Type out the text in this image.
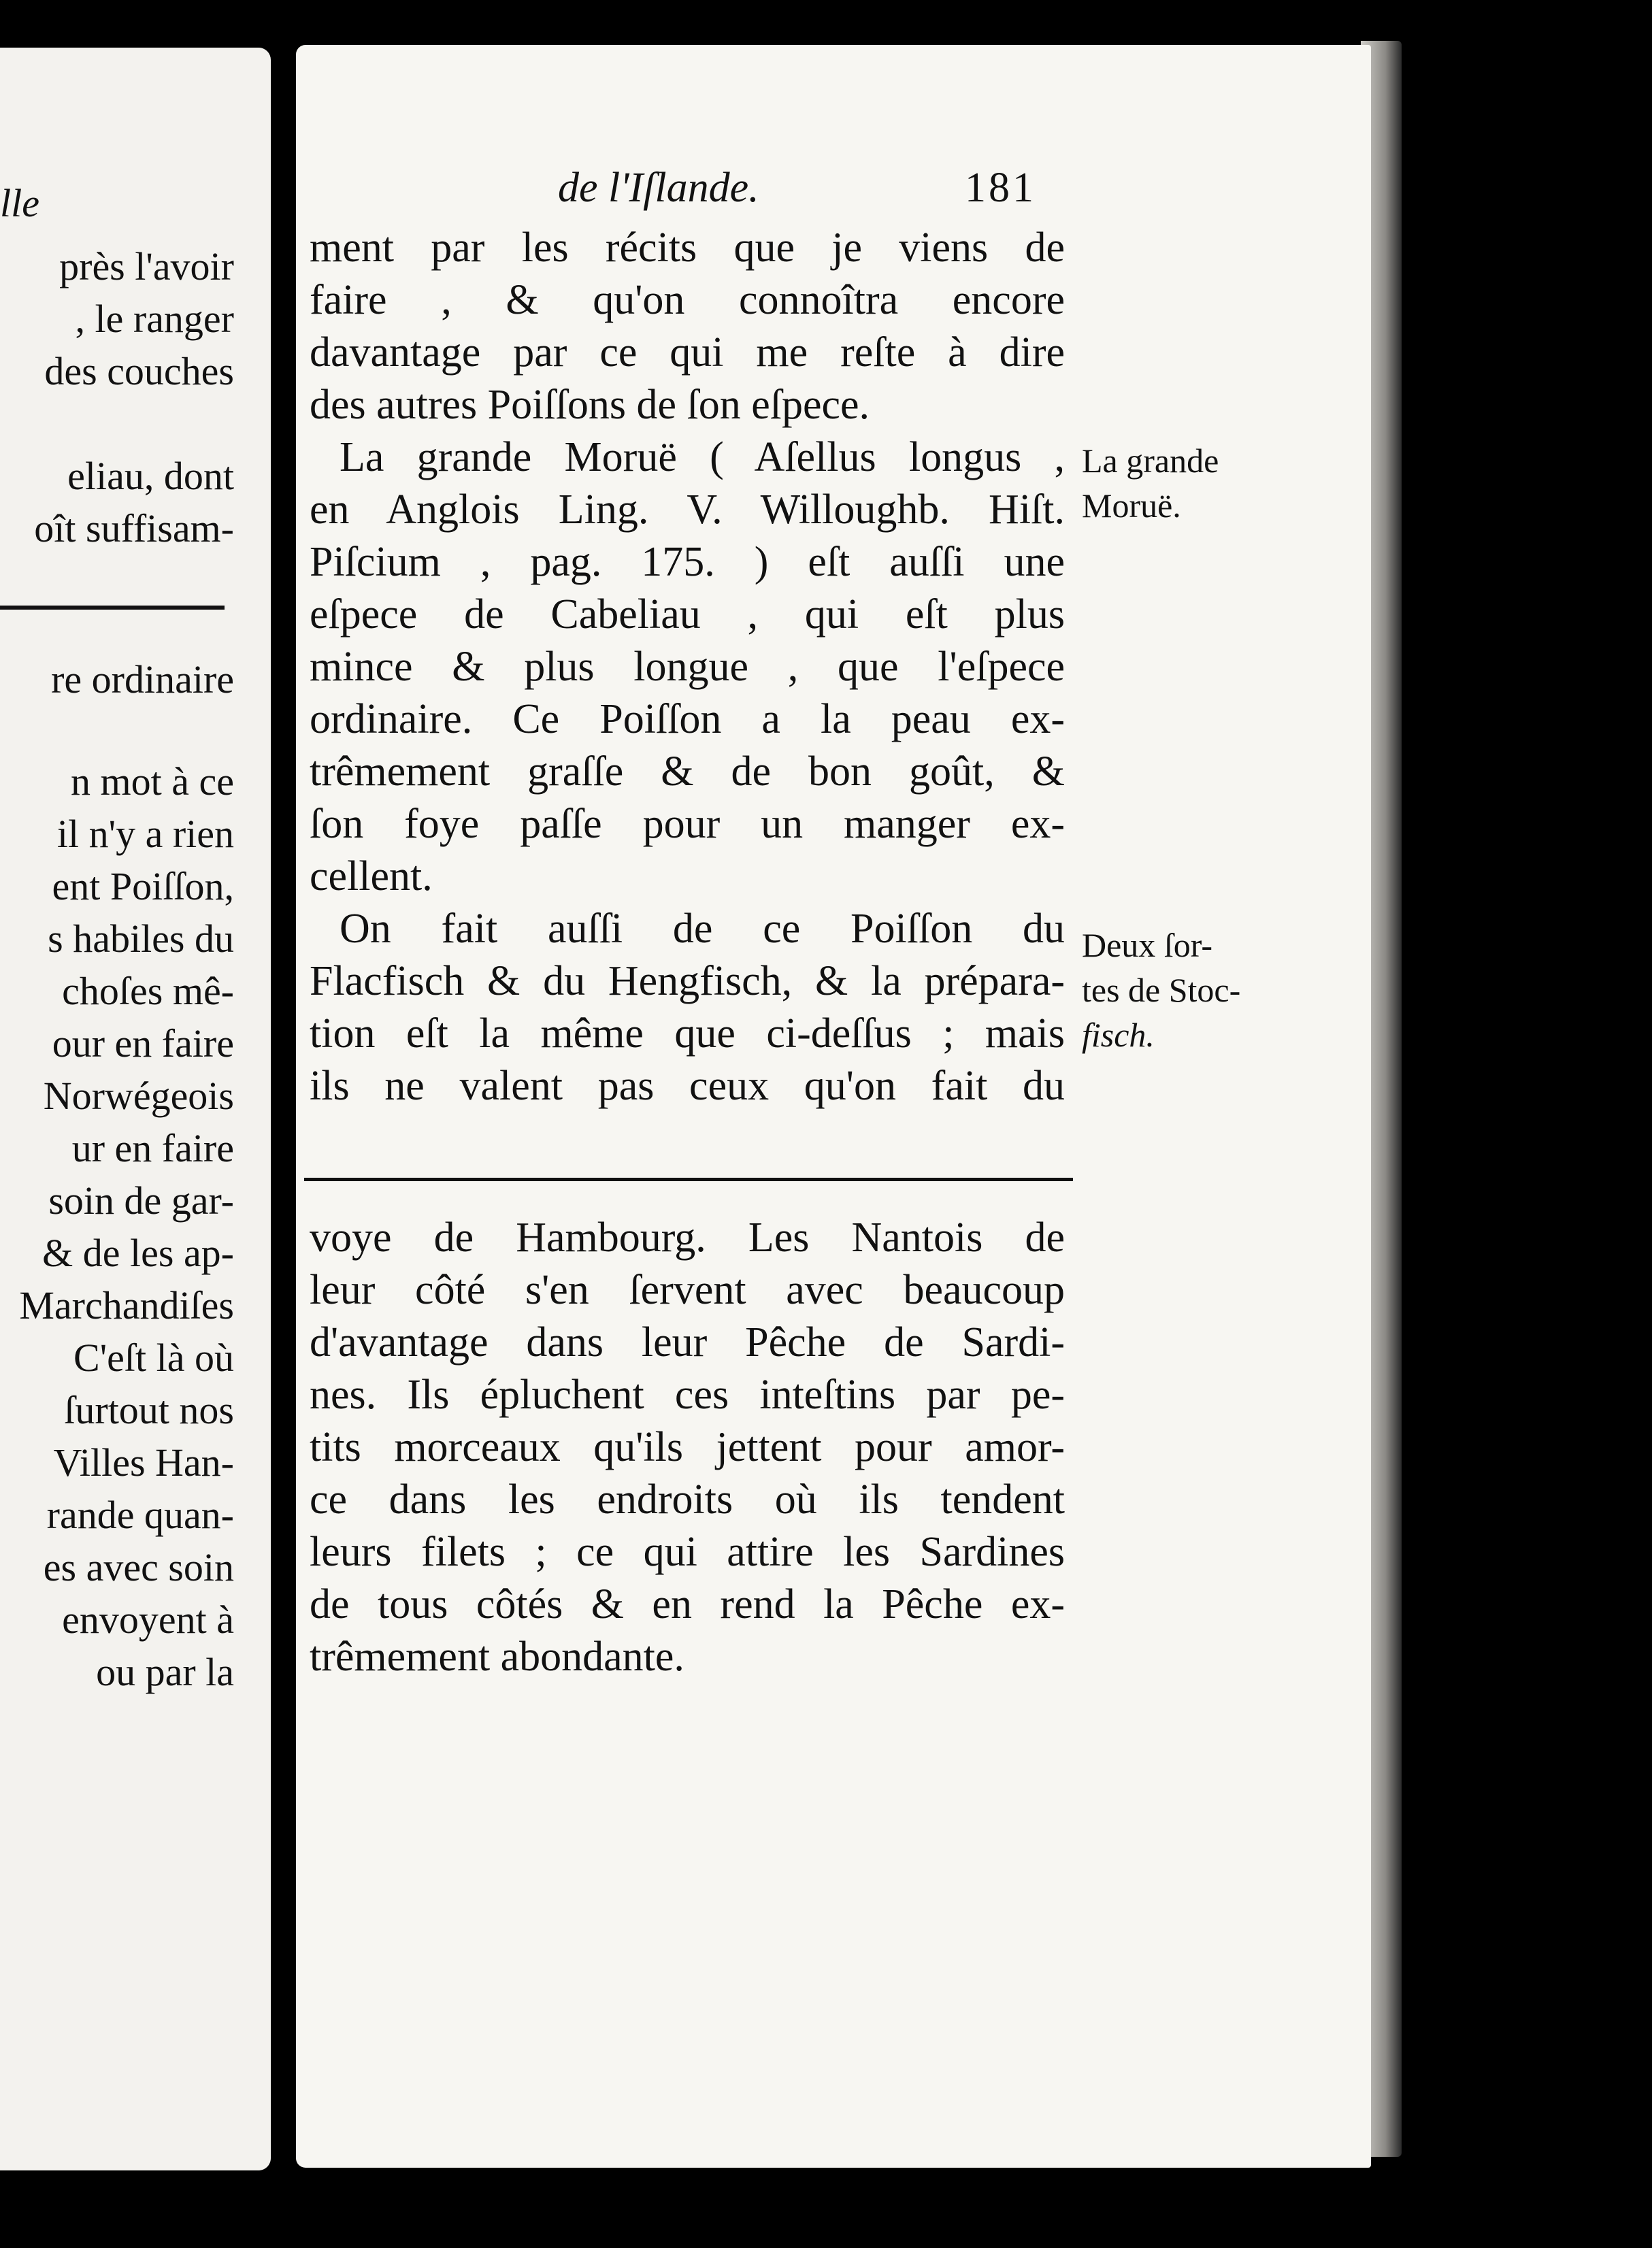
lle
près l'avoir
, le ranger
des couches
eliau, dont
oît suffisam-
re ordinaire
n mot à ce
il n'y a rien
ent Poiſſon,
s habiles du
choſes mê-
our en faire
Norwégeois
ur en faire
soin de gar-
& de les ap-
Marchandiſes
C'eſt là où
ſurtout nos
Villes Han-
rande quan-
es avec soin
envoyent à
ou par la
de l'Iſlande.	181
ment par les récits que je viens de
faire , & qu'on connoîtra encore
davantage par ce qui me reſte à dire
des autres Poiſſons de ſon eſpece.
La grande Moruë ( Aſellus longus ,
en Anglois Ling. V. Willoughb. Hiſt.
Piſcium , pag. 175. ) eſt auſſi une
eſpece de Cabeliau , qui eſt plus
mince & plus longue , que l'eſpece
ordinaire. Ce Poiſſon a la peau ex-
trêmement graſſe & de bon goût, &
ſon foye paſſe pour un manger ex-
cellent.
On fait auſſi de ce Poiſſon du
Flacfisch & du Hengfisch, & la prépara-
tion eſt la même que ci-deſſus ; mais
ils ne valent pas ceux qu'on fait du
La grande
Moruë.
Deux ſor-
tes de Stoc-
fisch.
voye de Hambourg. Les Nantois de
leur côté s'en ſervent avec beaucoup
d'avantage dans leur Pêche de Sardi-
nes. Ils épluchent ces inteſtins par pe-
tits morceaux qu'ils jettent pour amor-
ce dans les endroits où ils tendent
leurs filets ; ce qui attire les Sardines
de tous côtés & en rend la Pêche ex-
trêmement abondante.
